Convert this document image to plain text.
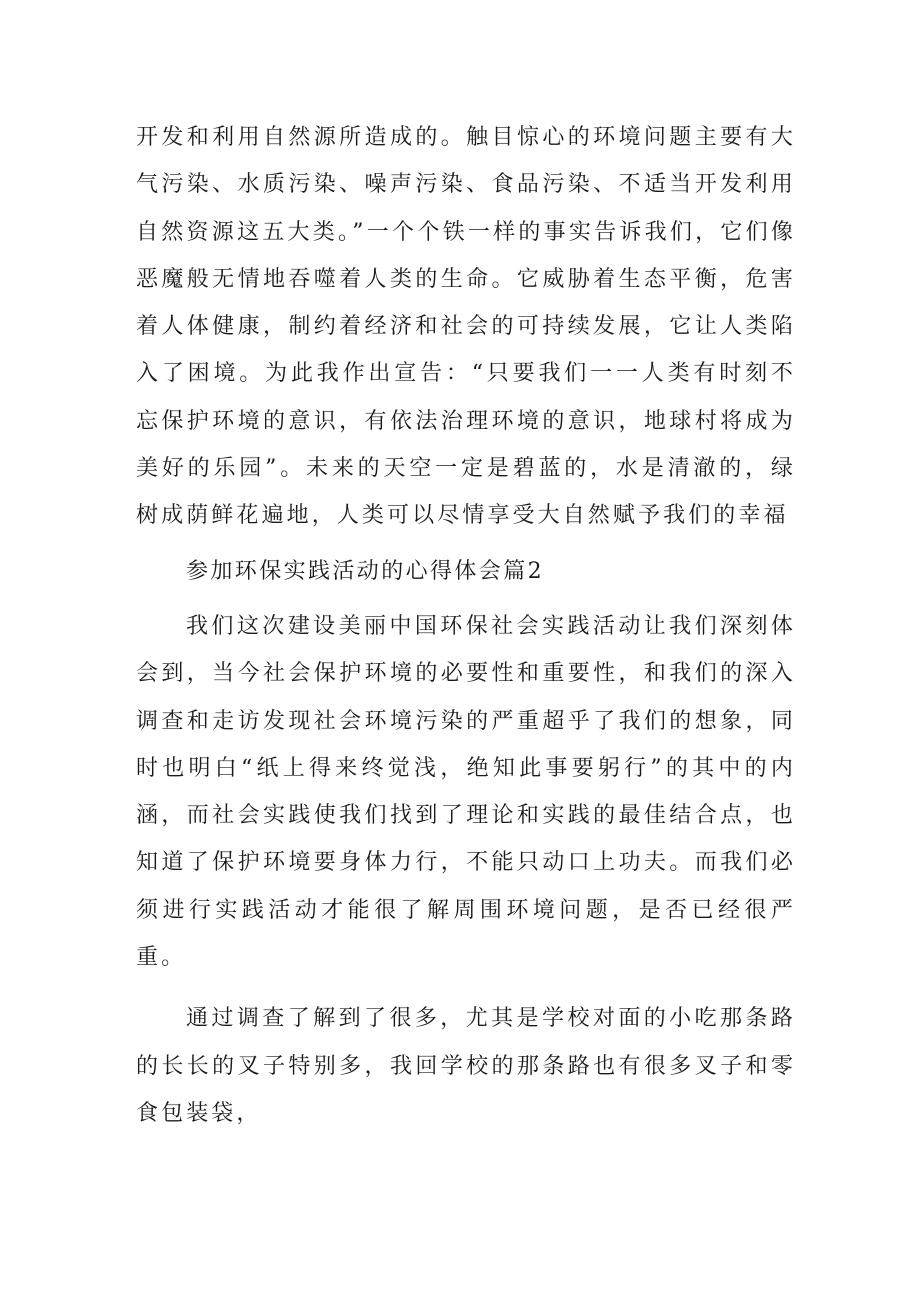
开发和利用自然源所造成的。触目惊心的环境问题主要有大气污染、水质污染、噪声污染、食品污染、不适当开发利用自然资源这五大类。”一个个铁一样的事实告诉我们，它们像恶魔般无情地吞噬着人类的生命。它威胁着生态平衡，危害着人体健康，制约着经济和社会的可持续发展，它让人类陷入了困境。为此我作出宣告：“只要我们一一人类有时刻不忘保护环境的意识，有依法治理环境的意识，地球村将成为美好的乐园”。未来的天空一定是碧蓝的，水是清澈的，绿树成荫鲜花遍地，人类可以尽情享受大自然赋予我们的幸福

参加环保实践活动的心得体会篇2

我们这次建设美丽中国环保社会实践活动让我们深刻体会到，当今社会保护环境的必要性和重要性，和我们的深入调查和走访发现社会环境污染的严重超乎了我们的想象，同时也明白“纸上得来终觉浅，绝知此事要躬行”的其中的内涵，而社会实践使我们找到了理论和实践的最佳结合点，也知道了保护环境要身体力行，不能只动口上功夫。而我们必须进行实践活动才能很了解周围环境问题，是否已经很严重。

通过调查了解到了很多，尤其是学校对面的小吃那条路的长长的叉子特别多，我回学校的那条路也有很多叉子和零食包装袋，
